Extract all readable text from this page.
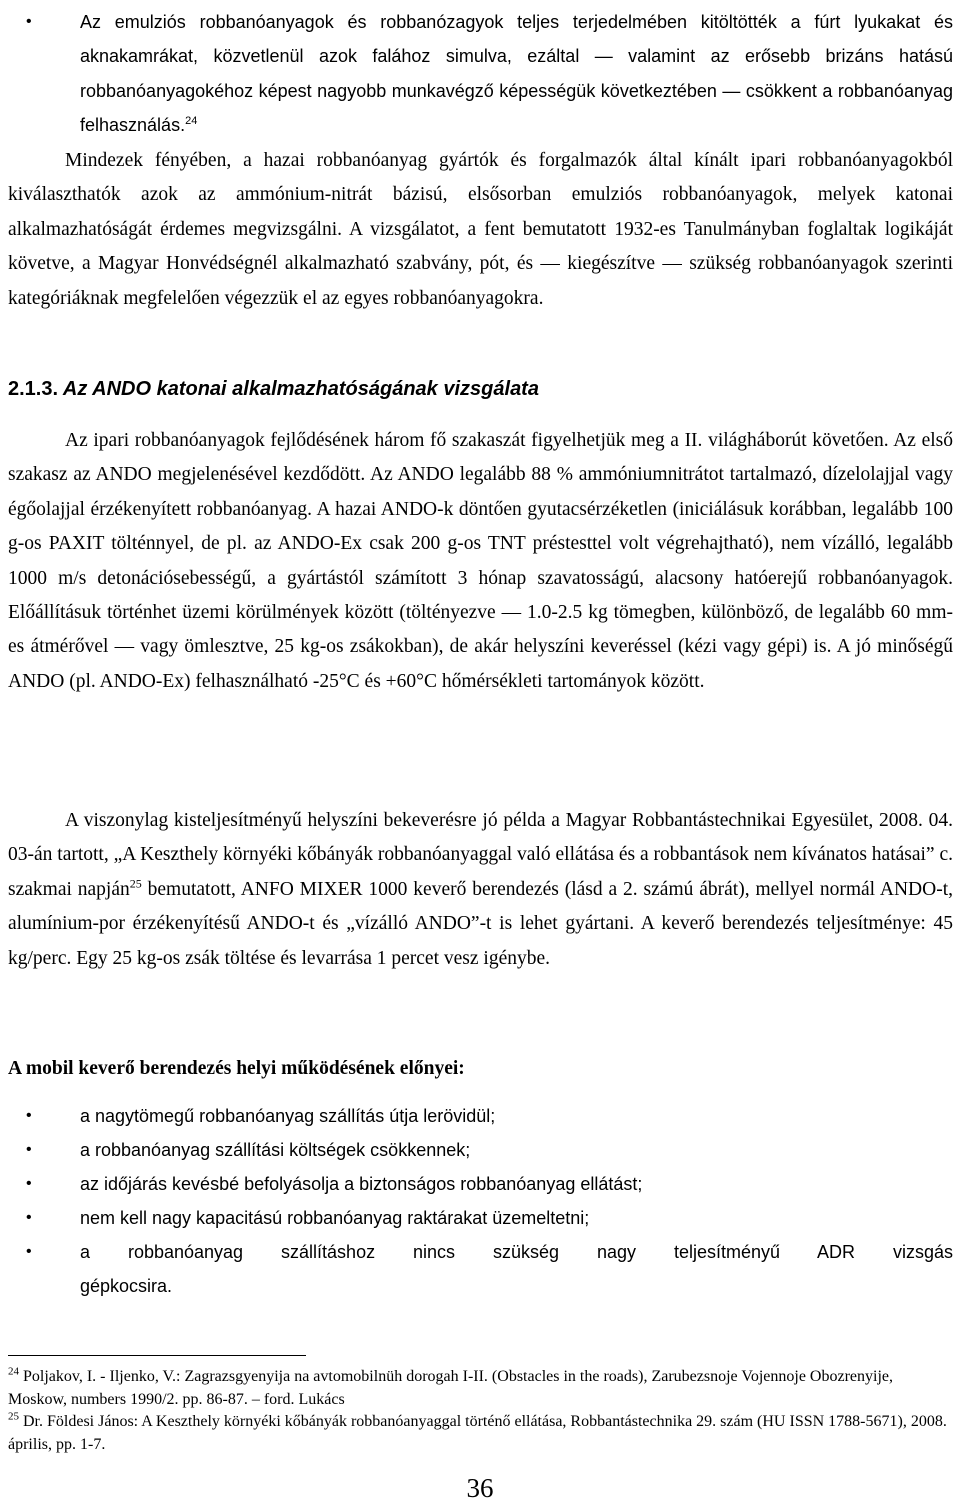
•	Az emulziós robbanóanyagok és robbanózagyok teljes terjedelmében kitöltötték a fúrt lyukakat és aknakamrákat, közvetlenül azok falához simulva, ezáltal — valamint az erősebb brizáns hatású robbanóanyagokéhoz képest nagyobb munkavégző képességük következtében — csökkent a robbanóanyag felhasználás.$^{24}$

Mindezek fényében, a hazai robbanóanyag gyártók és forgalmazók által kínált ipari robbanóanyagokból kiválaszthatók azok az ammónium-nitrát bázisú, elsősorban emulziós robbanóanyagok, melyek katonai alkalmazhatóságát érdemes megvizsgálni. A vizsgálatot, a fent bemutatott 1932-es Tanulmányban foglaltak logikáját követve, a Magyar Honvédségnél alkalmazható szabvány, pót, és — kiegészítve — szükség robbanóanyagok szerinti kategóriáknak megfelelően végezzük el az egyes robbanóanyagokra.

2.1.3. Az ANDO katonai alkalmazhatóságának vizsgálata

Az ipari robbanóanyagok fejlődésének három fő szakaszát figyelhetjük meg a II. világháborút követően. Az első szakasz az ANDO megjelenésével kezdődött. Az ANDO legalább 88 % ammóniumnitrátot tartalmazó, dízelolajjal vagy égőolajjal érzékenyített robbanóanyag. A hazai ANDO-k döntően gyutacsérzéketlen (iniciálásuk korábban, legalább 100 g-os PAXIT tölténnyel, de pl. az ANDO-Ex csak 200 g-os TNT préstesttel volt végrehajtható), nem vízálló, legalább 1000 m/s detonációsebességű, a gyártástól számított 3 hónap szavatosságú, alacsony hatóerejű robbanóanyagok. Előállításuk történhet üzemi körülmények között (töltényezve — 1.0-2.5 kg tömegben, különböző, de legalább 60 mm-es átmérővel — vagy ömlesztve, 25 kg-os zsákokban), de akár helyszíni keveréssel (kézi vagy gépi) is. A jó minőségű ANDO (pl. ANDO-Ex) felhasználható -25°C és +60°C hőmérsékleti tartományok között.

A viszonylag kisteljesítményű helyszíni bekeverésre jó példa a Magyar Robbantástechnikai Egyesület, 2008. 04. 03-án tartott, „A Keszthely környéki kőbányák robbanóanyaggal való ellátása és a robbantások nem kívánatos hatásai” c. szakmai napján$^{25}$ bemutatott, ANFO MIXER 1000 keverő berendezés (lásd a 2. számú ábrát), mellyel normál ANDO-t, alumínium-por érzékenyítésű ANDO-t és „vízálló ANDO”-t is lehet gyártani. A keverő berendezés teljesítménye: 45 kg/perc. Egy 25 kg-os zsák töltése és levarrása 1 percet vesz igénybe.

A mobil keverő berendezés helyi működésének előnyei:

•	a nagytömegű robbanóanyag szállítás útja lerövidül;
•	a robbanóanyag szállítási költségek csökkennek;
•	az időjárás kevésbé befolyásolja a biztonságos robbanóanyag ellátást;
•	nem kell nagy kapacitású robbanóanyag raktárakat üzemeltetni;
•	a robbanóanyag szállításhoz nincs szükség nagy teljesítményű ADR vizsgás
gépkocsira.

$^{24}$ Poljakov, I. - Iljenko, V.: Zagrazsgyenyija na avtomobilnüh dorogah I-II. (Obstacles in the roads), Zarubezsnoje Vojennoje Obozrenyije, Moskow, numbers 1990/2. pp. 86-87. – ford. Lukács

$^{25}$ Dr. Földesi János: A Keszthely környéki kőbányák robbanóanyaggal történő ellátása, Robbantástechnika 29. szám (HU ISSN 1788-5671), 2008. április, pp. 1-7.

36
